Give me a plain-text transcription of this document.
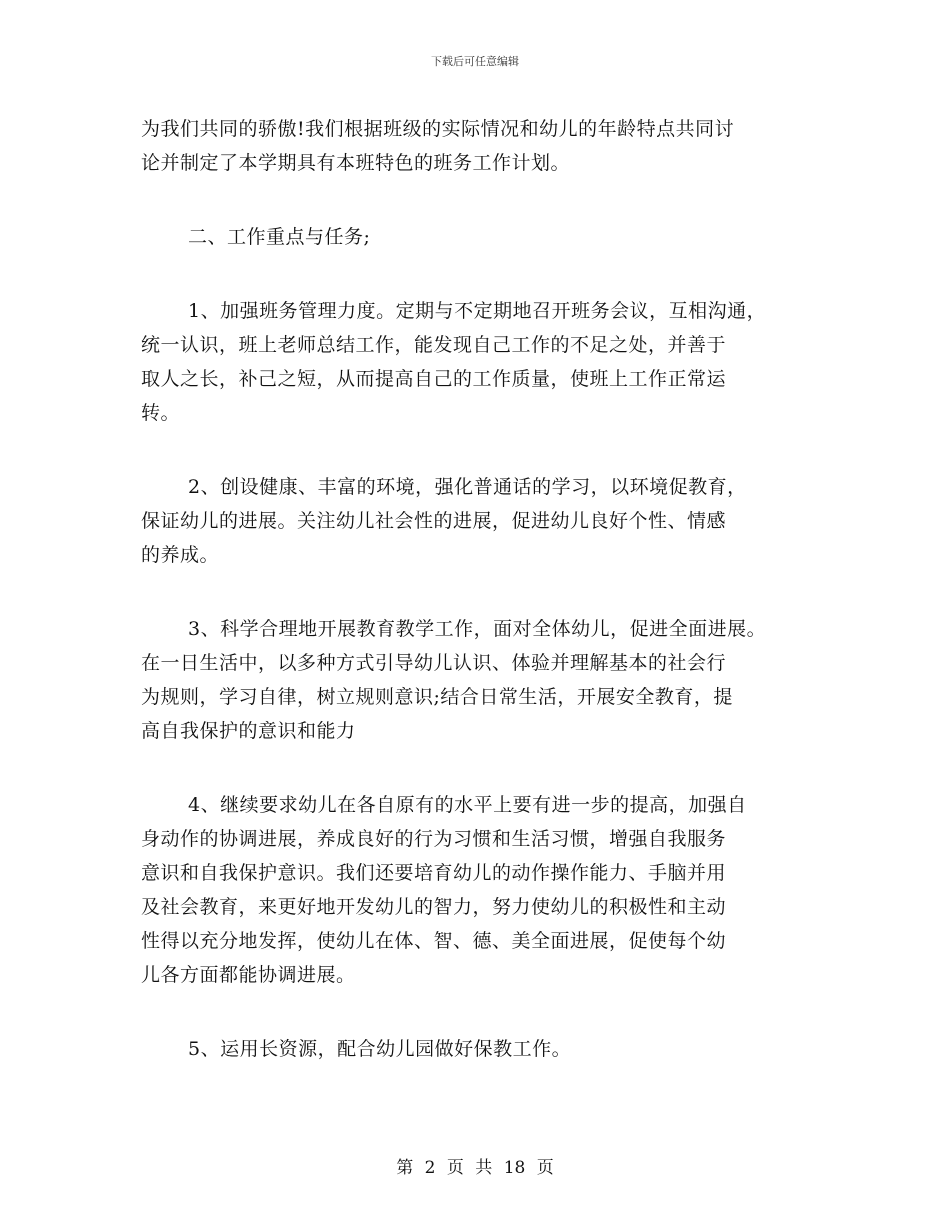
下载后可任意编辑
为我们共同的骄傲!我们根据班级的实际情况和幼儿的年龄特点共同讨
论并制定了本学期具有本班特色的班务工作计划。
二、工作重点与任务;
1、加强班务管理力度。定期与不定期地召开班务会议，互相沟通，
统一认识，班上老师总结工作，能发现自己工作的不足之处，并善于
取人之长，补己之短，从而提高自己的工作质量，使班上工作正常运
转。
2、创设健康、丰富的环境，强化普通话的学习，以环境促教育，
保证幼儿的进展。关注幼儿社会性的进展，促进幼儿良好个性、情感
的养成。
3、科学合理地开展教育教学工作，面对全体幼儿，促进全面进展。
在一日生活中，以多种方式引导幼儿认识、体验并理解基本的社会行
为规则，学习自律，树立规则意识;结合日常生活，开展安全教育，提
高自我保护的意识和能力
4、继续要求幼儿在各自原有的水平上要有进一步的提高，加强自
身动作的协调进展，养成良好的行为习惯和生活习惯，增强自我服务
意识和自我保护意识。我们还要培育幼儿的动作操作能力、手脑并用
及社会教育，来更好地开发幼儿的智力，努力使幼儿的积极性和主动
性得以充分地发挥，使幼儿在体、智、德、美全面进展，促使每个幼
儿各方面都能协调进展。
5、运用长资源，配合幼儿园做好保教工作。
第 2 页 共 18 页
